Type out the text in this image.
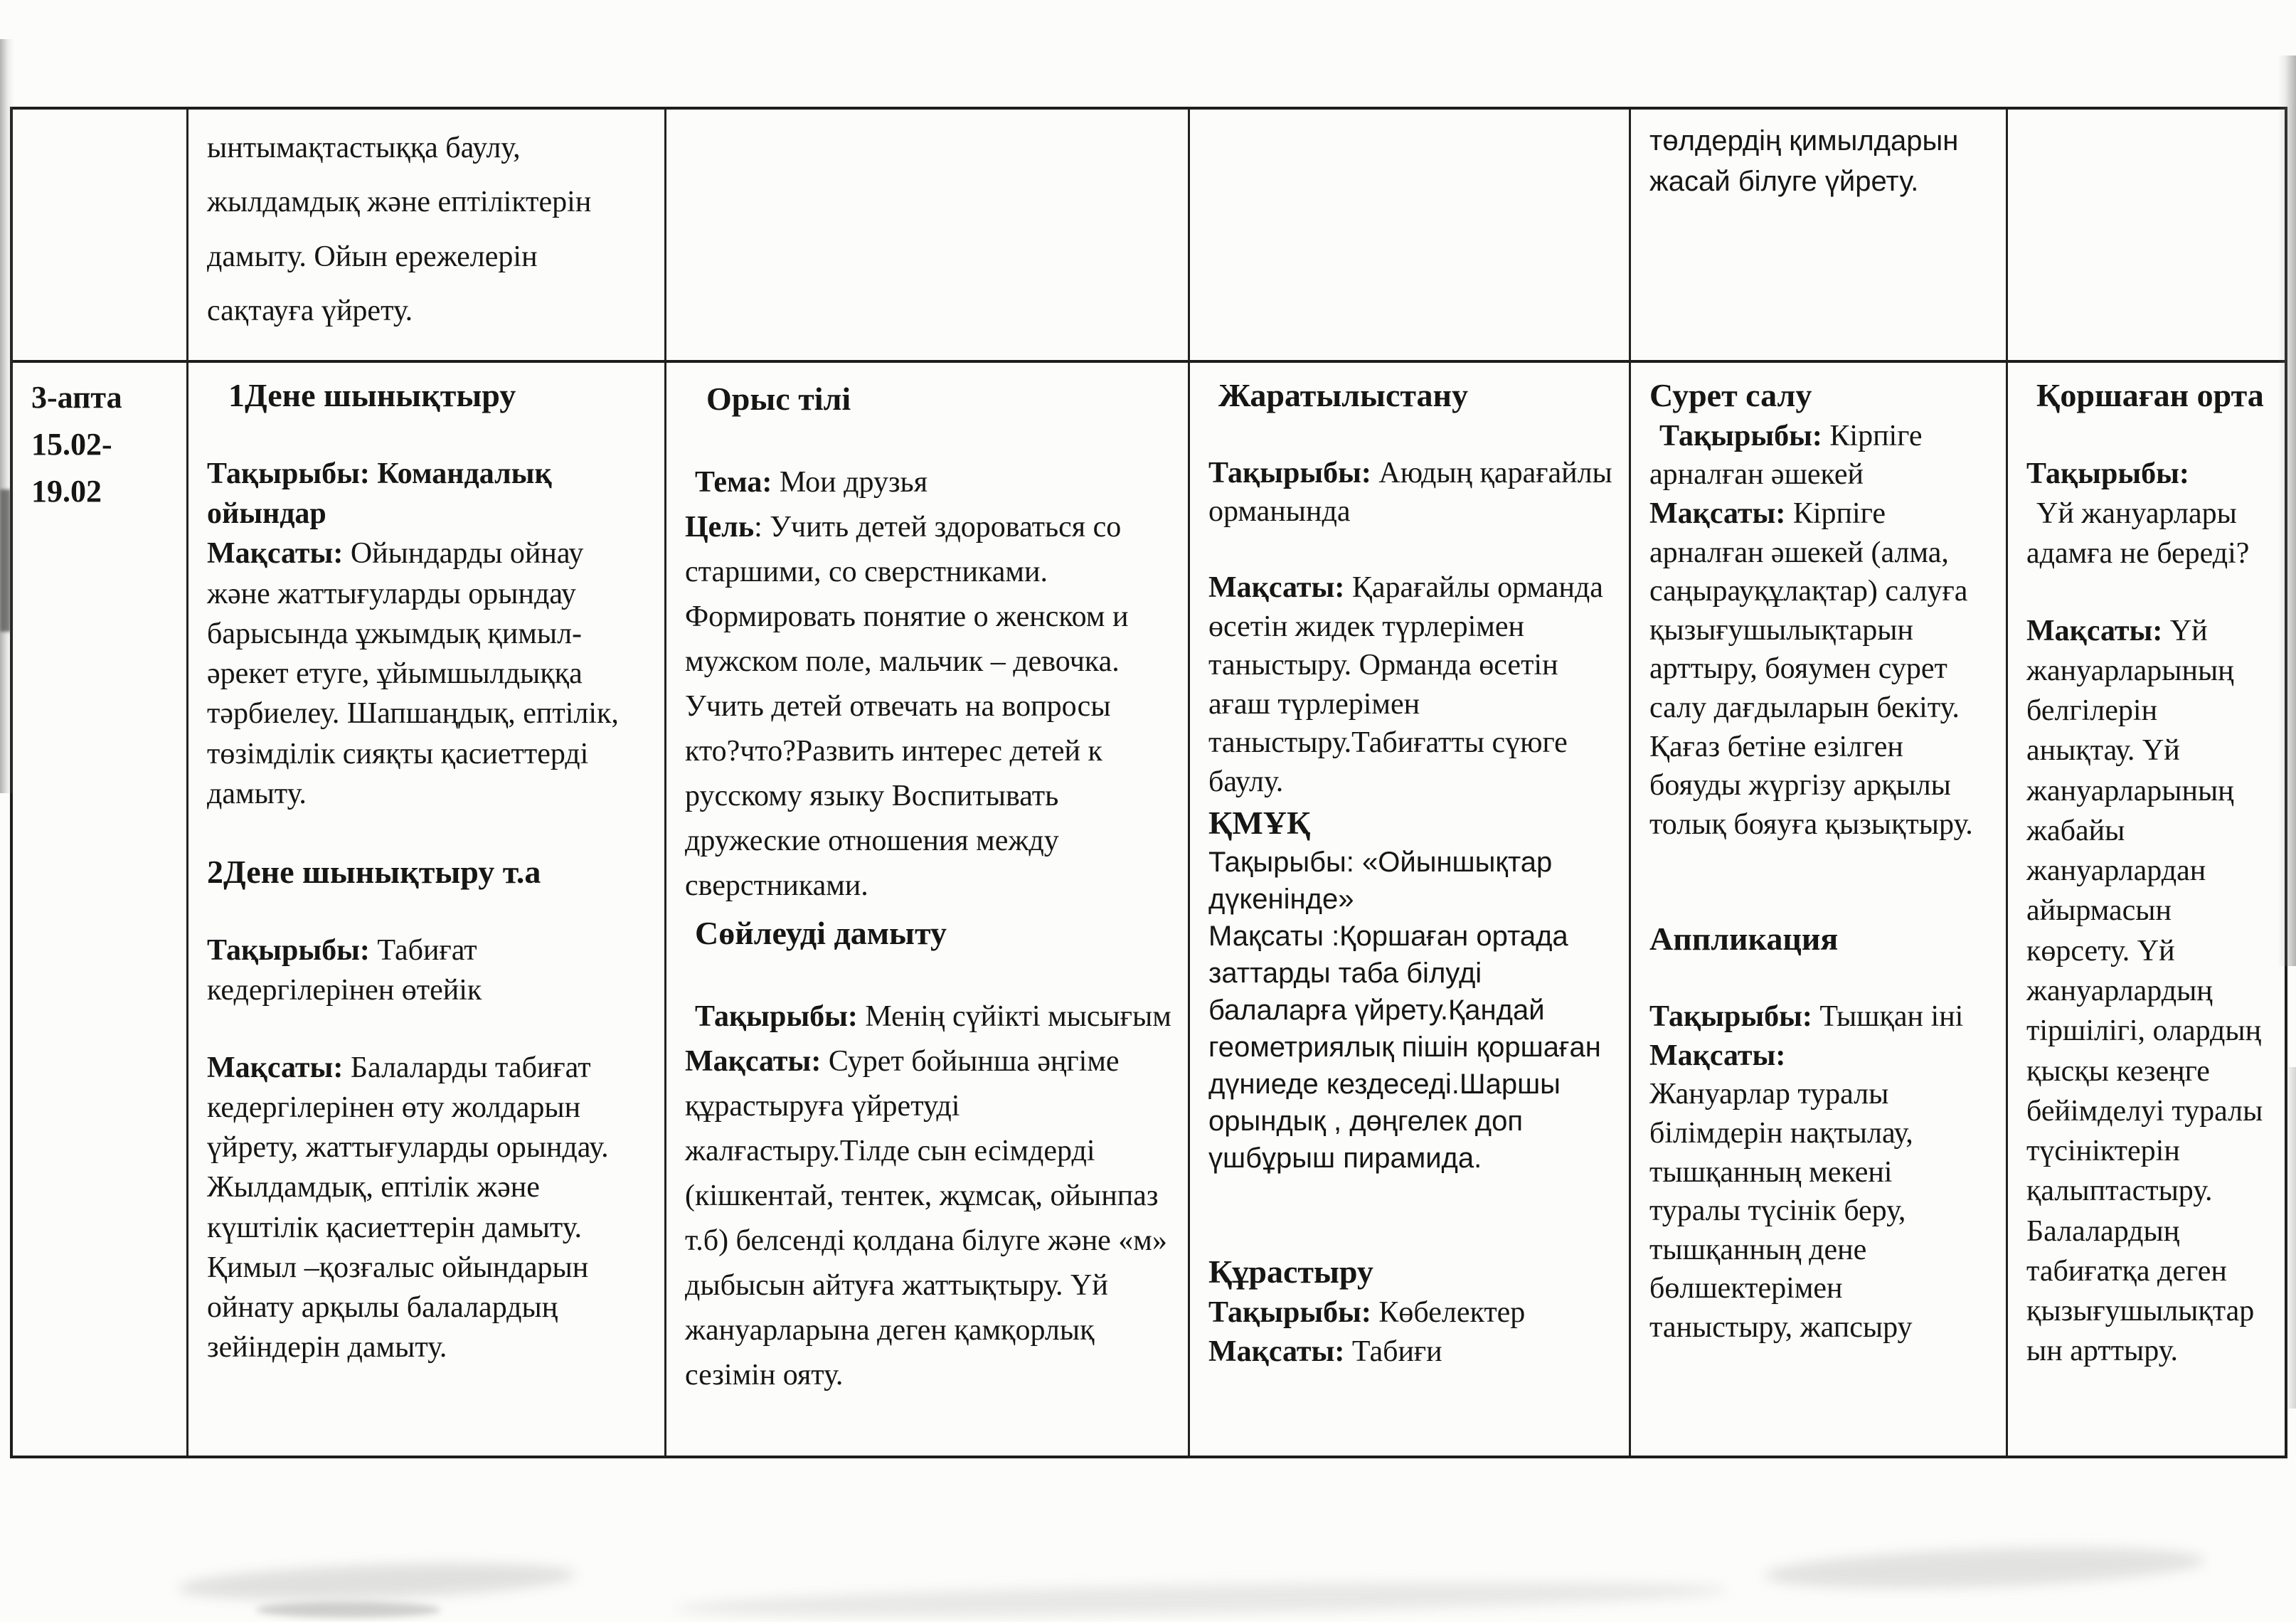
ынтымақтастыққа баулу, жылдамдық және ептіліктерін дамыту. Ойын ережелерін сақтауға үйрету.

төлдердің қимылдарын жасай білуге үйрету.

3-апта

15.02-

19.02

1Дене шынықтыру

Тақырыбы: Командалық ойындар

Мақсаты: Ойындарды ойнау және жаттығуларды орындау барысында ұжымдық қимыл-әрекет етуге, ұйымшылдыққа тәрбиелеу. Шапшаңдық, ептілік, төзімділік сияқты қасиеттерді дамыту.

2Дене шынықтыру т.а

Тақырыбы: Табиғат кедергілерінен өтейік

Мақсаты: Балаларды табиғат кедергілерінен өту жолдарын үйрету, жаттығуларды орындау. Жылдамдық, ептілік және күштілік қасиеттерін дамыту. Қимыл –қозғалыс ойындарын ойнату арқылы балалардың зейіндерін дамыту.

Орыс тілі

Тема: Мои друзья

Цель: Учить детей здороваться со старшими, со сверстниками. Формировать понятие о женском и мужском поле, мальчик – девочка. Учить детей отвечать на вопросы кто?что?Развить интерес детей к русскому языку Воспитывать дружеские отношения между сверстниками.

Сөйлеуді дамыту

Тақырыбы: Менің сүйікті мысығым

Мақсаты: Сурет бойынша әңгіме құрастыруға үйретуді жалғастыру.Тілде сын есімдерді (кішкентай, тентек, жұмсақ, ойынпаз т.б) белсенді қолдана білуге және «м» дыбысын айтуға жаттықтыру. Үй жануарларына деген қамқорлық сезімін ояту.

Жаратылыстану

Тақырыбы: Аюдың қарағайлы орманында

Мақсаты: Қарағайлы орманда өсетін жидек түрлерімен таныстыру. Орманда өсетін ағаш түрлерімен таныстыру.Табиғатты сүюге баулу.

ҚМҰҚ

Тақырыбы: «Ойыншықтар дүкенінде»

Мақсаты :Қоршаған ортада заттарды таба білуді балаларға үйрету.Қандай геометриялық пішін қоршаған дүниеде кездеседі.Шаршы орындық , дөңгелек доп үшбұрыш пирамида.

Құрастыру

Тақырыбы: Көбелектер

Мақсаты: Табиғи

Сурет салу

Тақырыбы: Кірпіге арналған әшекей

Мақсаты: Кірпіге арналған әшекей (алма, саңырауқұлақтар) салуға қызығушылықтарын арттыру, бояумен сурет салу дағдыларын бекіту. Қағаз бетіне езілген бояуды жүргізу арқылы толық бояуға қызықтыру.

Аппликация

Тақырыбы: Тышқан іні

Мақсаты:

Жануарлар туралы білімдерін нақтылау, тышқанның мекені туралы түсінік беру, тышқанның дене бөлшектерімен таныстыру, жапсыру

Қоршаған орта

Тақырыбы:

Үй жануарлары адамға не береді?

Мақсаты: Үй жануарларының белгілерін анықтау. Үй жануарларының жабайы жануарлардан айырмасын көрсету. Үй жануарлардың тіршілігі, олардың қысқы кезеңге бейімделуі туралы түсініктерін қалыптастыру. Балалардың табиғатқа деген қызығушылықтарын арттыру.
